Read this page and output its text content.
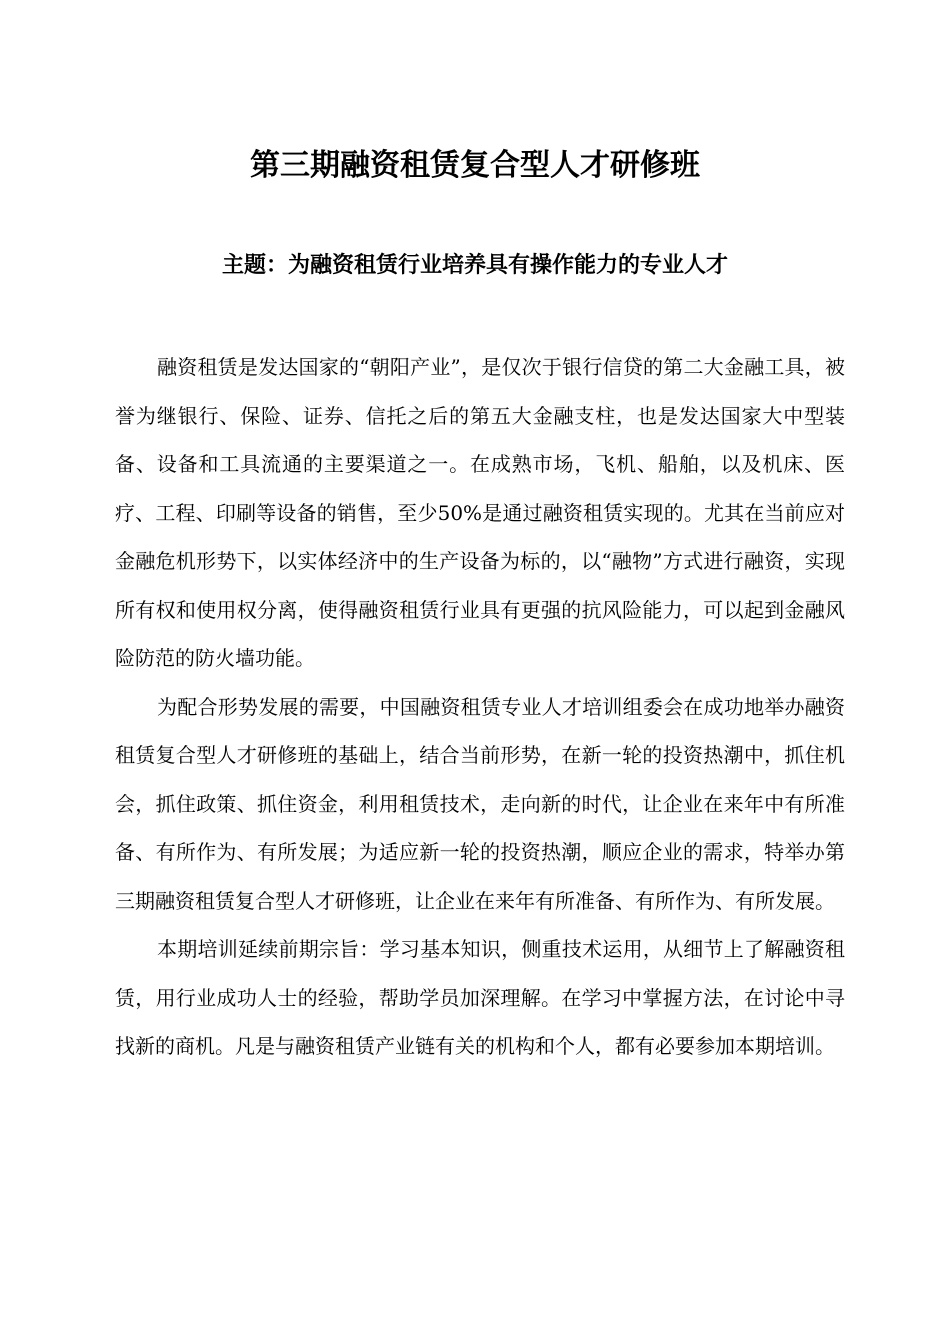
第三期融资租赁复合型人才研修班
主题：为融资租赁行业培养具有操作能力的专业人才

融资租赁是发达国家的“朝阳产业”，是仅次于银行信贷的第二大金融工具，被誉为继银行、保险、证券、信托之后的第五大金融支柱，也是发达国家大中型装备、设备和工具流通的主要渠道之一。在成熟市场，飞机、船舶，以及机床、医疗、工程、印刷等设备的销售，至少50%是通过融资租赁实现的。尤其在当前应对金融危机形势下，以实体经济中的生产设备为标的，以“融物”方式进行融资，实现所有权和使用权分离，使得融资租赁行业具有更强的抗风险能力，可以起到金融风险防范的防火墙功能。

为配合形势发展的需要，中国融资租赁专业人才培训组委会在成功地举办融资租赁复合型人才研修班的基础上，结合当前形势，在新一轮的投资热潮中，抓住机会，抓住政策、抓住资金，利用租赁技术，走向新的时代，让企业在来年中有所准备、有所作为、有所发展；为适应新一轮的投资热潮，顺应企业的需求，特举办第三期融资租赁复合型人才研修班，让企业在来年有所准备、有所作为、有所发展。

本期培训延续前期宗旨：学习基本知识，侧重技术运用，从细节上了解融资租赁，用行业成功人士的经验，帮助学员加深理解。在学习中掌握方法，在讨论中寻找新的商机。凡是与融资租赁产业链有关的机构和个人，都有必要参加本期培训。
